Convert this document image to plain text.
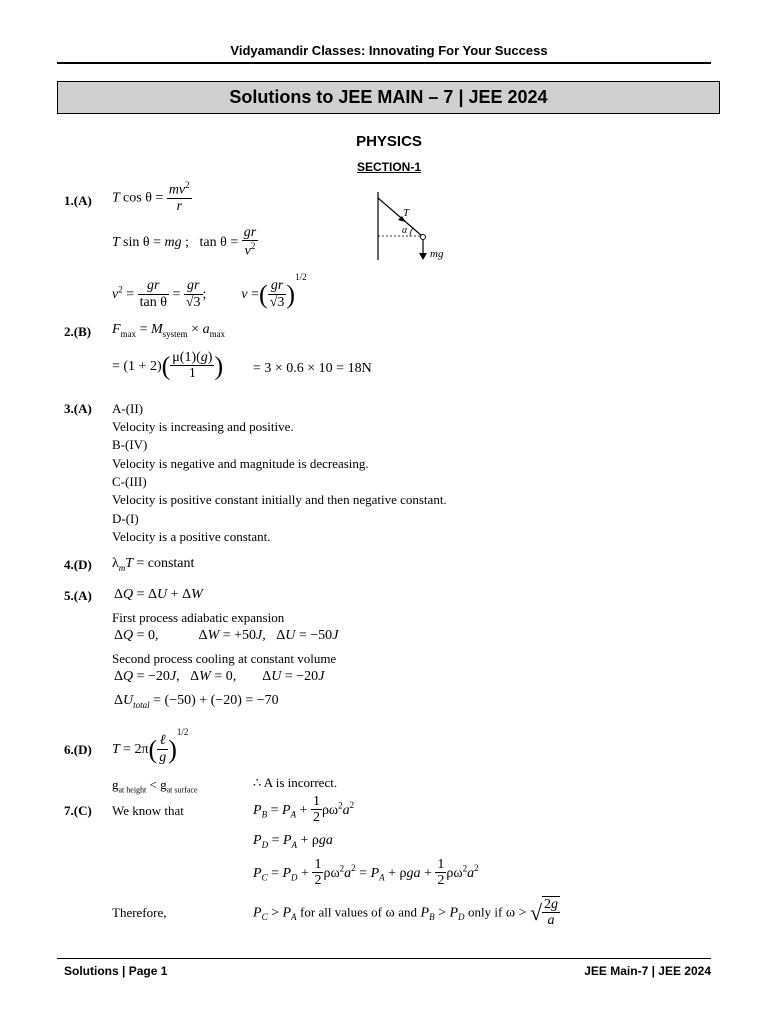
Vidyamandir Classes: Innovating For Your Success
Solutions to JEE MAIN – 7 | JEE 2024
PHYSICS
SECTION-1
1.(A) T $\cos \theta = \frac{mv^2}{r}$
T sin θ = mg ;   $\tan \theta = \frac{gr}{v^2}$
$v^2 = \frac{gr}{\text{tan θ}} = \frac{gr}{√3}$ ;  v =( $\frac{gr}{√3} )^{1/2}$
T
α
mg
2.(B) $F_{max} = M_{system} \times a_{max}$
= $(1 + 2)( \frac{\mu(1)(g)}{1}$ ) = 3 × 0.6 × 10 = 18N
3.(A) A-(II)
Velocity is increasing and positive.
B-(IV)
Velocity is negative and magnitude is decreasing.
C-(III)
Velocity is positive constant initially and then negative constant.
D-(I)
Velocity is a positive constant.
4.(D) $\lambda_mT$ = constant
5.(A) ΔQ = ΔU + ΔW
First process adiabatic expansion
ΔQ = 0,	ΔW = +50J, ΔU = −50J
Second process cooling at constant volume
ΔQ = −20J, ΔW = 0, ΔU = −20J
$\Delta U_{total} = (-50) + (-20) = -70$
6.(D) $T = 2\pi( \frac{\text{ℓ}}{g} )^{1/2}$
$g_{at height} < g_{at surface}$
∴ A is incorrect.
7.(C) We know that	$P_B = P_A + \frac{1}{2} \rho\omega^2a^2$
$P_D = P_A + \rho ga$
$P_C = P_D + \frac{1}{2} \rho\omega^2a^2 = P_A + \rho ga + \frac{1}{2} \rho\omega^2a^2$
Therefore,	$P_C > P_A$ for all values of ω and $P_B > P_D$ only if ω > √ $\frac{2g}{a}$
Solutions | Page 1	JEE Main-7 | JEE 2024
